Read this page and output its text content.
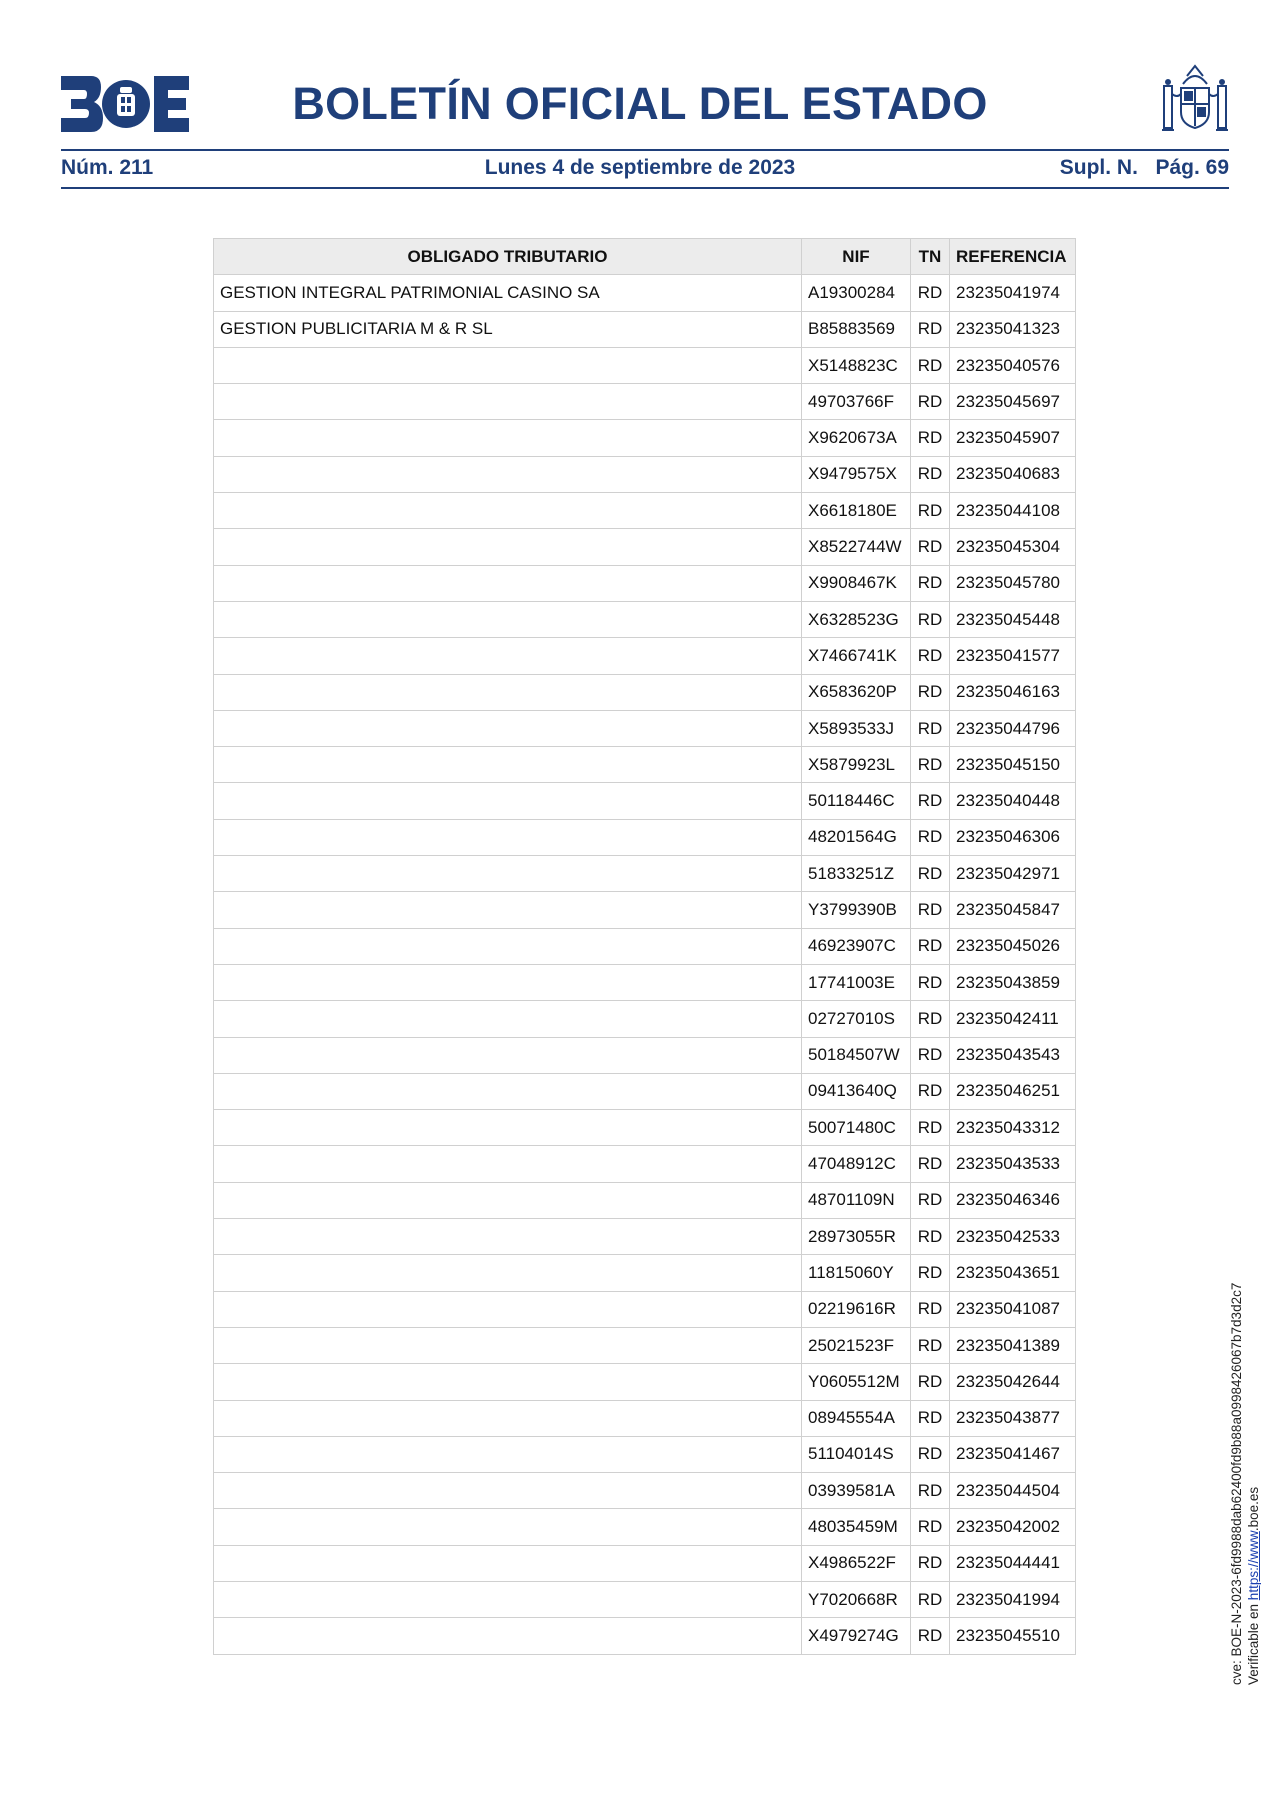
BOLETÍN OFICIAL DEL ESTADO
Núm. 211	Lunes 4 de septiembre de 2023	Supl. N. Pág. 69
OBLIGADO TRIBUTARIO	NIF	TN	REFERENCIA
GESTION INTEGRAL PATRIMONIAL CASINO SA	A19300284	RD	23235041974
GESTION PUBLICITARIA M & R SL	B85883569	RD	23235041323
	X5148823C	RD	23235040576
	49703766F	RD	23235045697
	X9620673A	RD	23235045907
	X9479575X	RD	23235040683
	X6618180E	RD	23235044108
	X8522744W	RD	23235045304
	X9908467K	RD	23235045780
	X6328523G	RD	23235045448
	X7466741K	RD	23235041577
	X6583620P	RD	23235046163
	X5893533J	RD	23235044796
	X5879923L	RD	23235045150
	50118446C	RD	23235040448
	48201564G	RD	23235046306
	51833251Z	RD	23235042971
	Y3799390B	RD	23235045847
	46923907C	RD	23235045026
	17741003E	RD	23235043859
	02727010S	RD	23235042411
	50184507W	RD	23235043543
	09413640Q	RD	23235046251
	50071480C	RD	23235043312
	47048912C	RD	23235043533
	48701109N	RD	23235046346
	28973055R	RD	23235042533
	11815060Y	RD	23235043651
	02219616R	RD	23235041087
	25021523F	RD	23235041389
	Y0605512M	RD	23235042644
	08945554A	RD	23235043877
	51104014S	RD	23235041467
	03939581A	RD	23235044504
	48035459M	RD	23235042002
	X4986522F	RD	23235044441
	Y7020668R	RD	23235041994
	X4979274G	RD	23235045510	cve: BOE-N-2023-6fd9988dab62400fd9b88a0998426067b7d3d2c7 Verificable en https://www.boe.es
